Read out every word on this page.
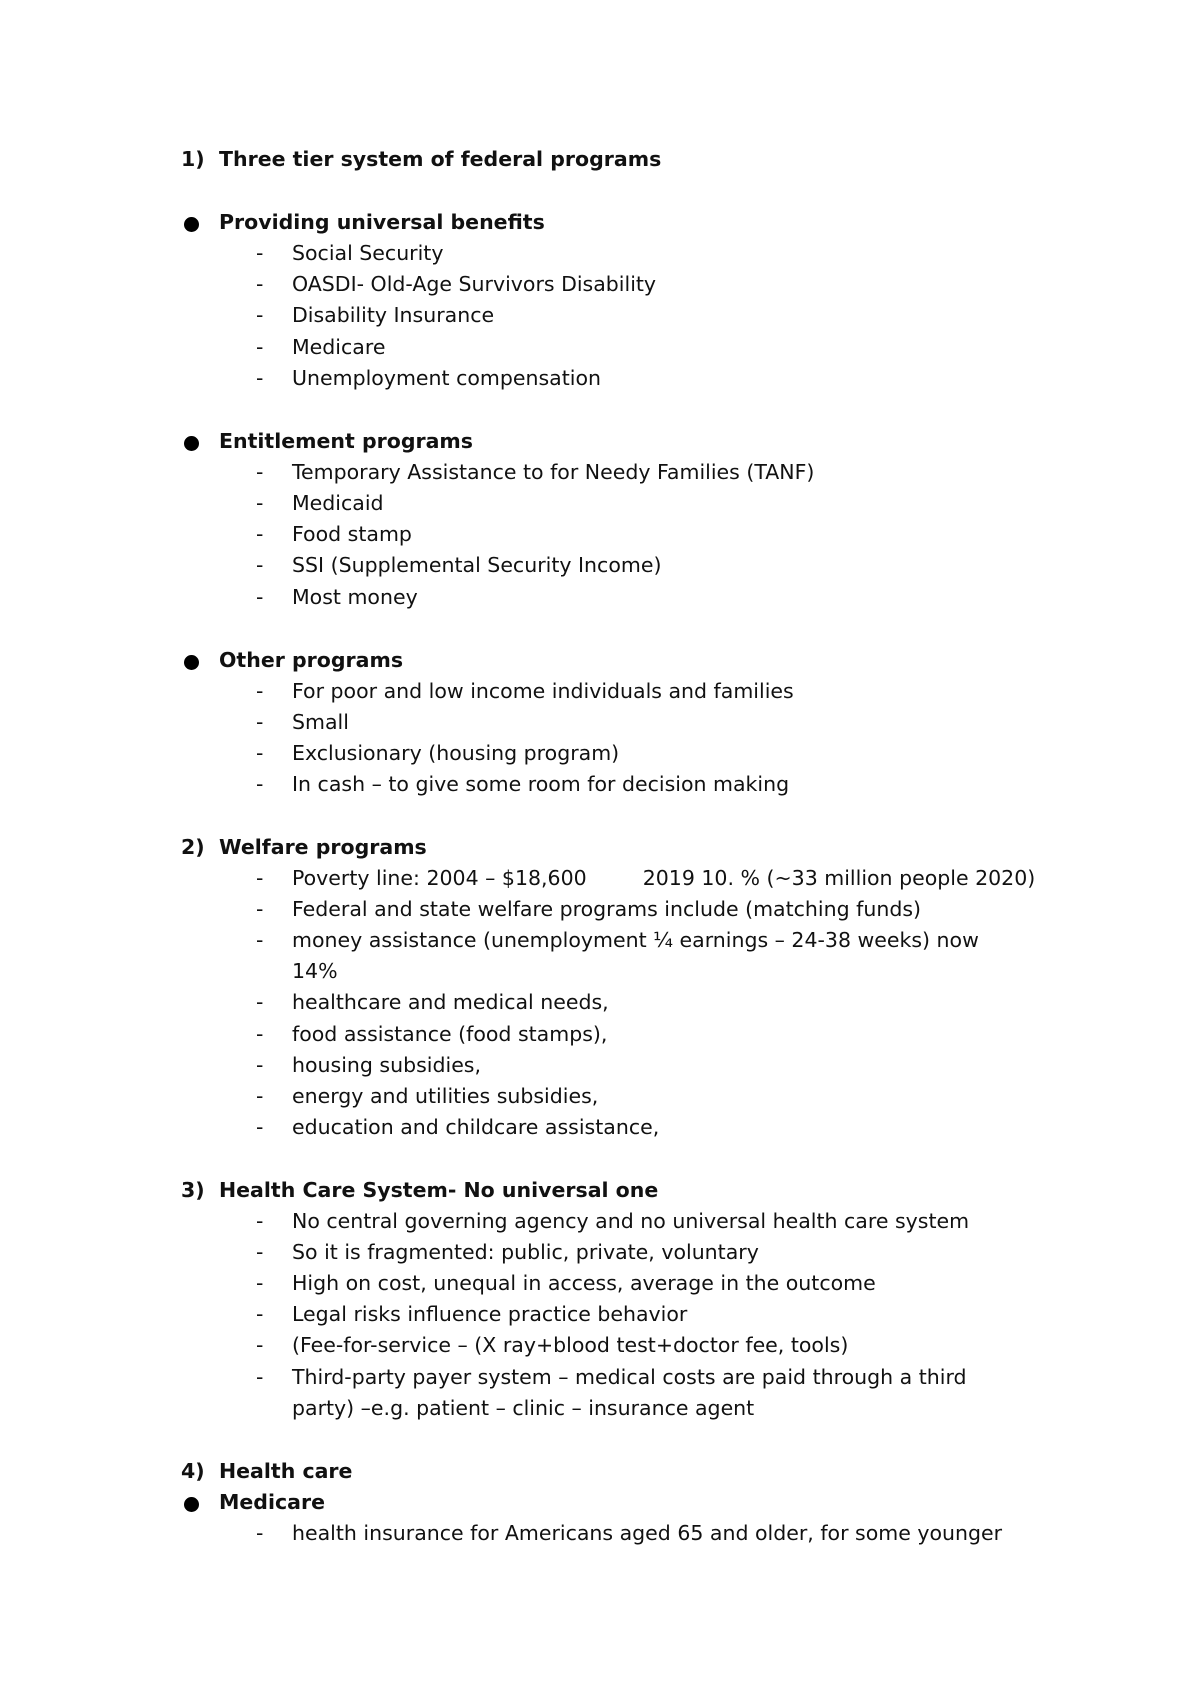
1) Three tier system of federal programs
Providing universal benefits
- Social Security
- OASDI- Old-Age Survivors Disability
- Disability Insurance
- Medicare
- Unemployment compensation
Entitlement programs
- Temporary Assistance to for Needy Families (TANF)
- Medicaid
- Food stamp
- SSI (Supplemental Security Income)
- Most money
Other programs
- For poor and low income individuals and families
- Small
- Exclusionary (housing program)
- In cash – to give some room for decision making
2) Welfare programs
- Poverty line: 2004 – $18,600	2019 10. % (~33 million people 2020)
- Federal and state welfare programs include (matching funds)
- money assistance (unemployment ¼ earnings – 24-38 weeks) now
14%
- healthcare and medical needs,
- food assistance (food stamps),
- housing subsidies,
- energy and utilities subsidies,
- education and childcare assistance,
3) Health Care System- No universal one
- No central governing agency and no universal health care system
- So it is fragmented: public, private, voluntary
- High on cost, unequal in access, average in the outcome
- Legal risks influence practice behavior
- (Fee-for-service – (X ray+blood test+doctor fee, tools)
- Third-party payer system – medical costs are paid through a third
party) –e.g. patient – clinic – insurance agent
4) Health care
Medicare
- health insurance for Americans aged 65 and older, for some younger
